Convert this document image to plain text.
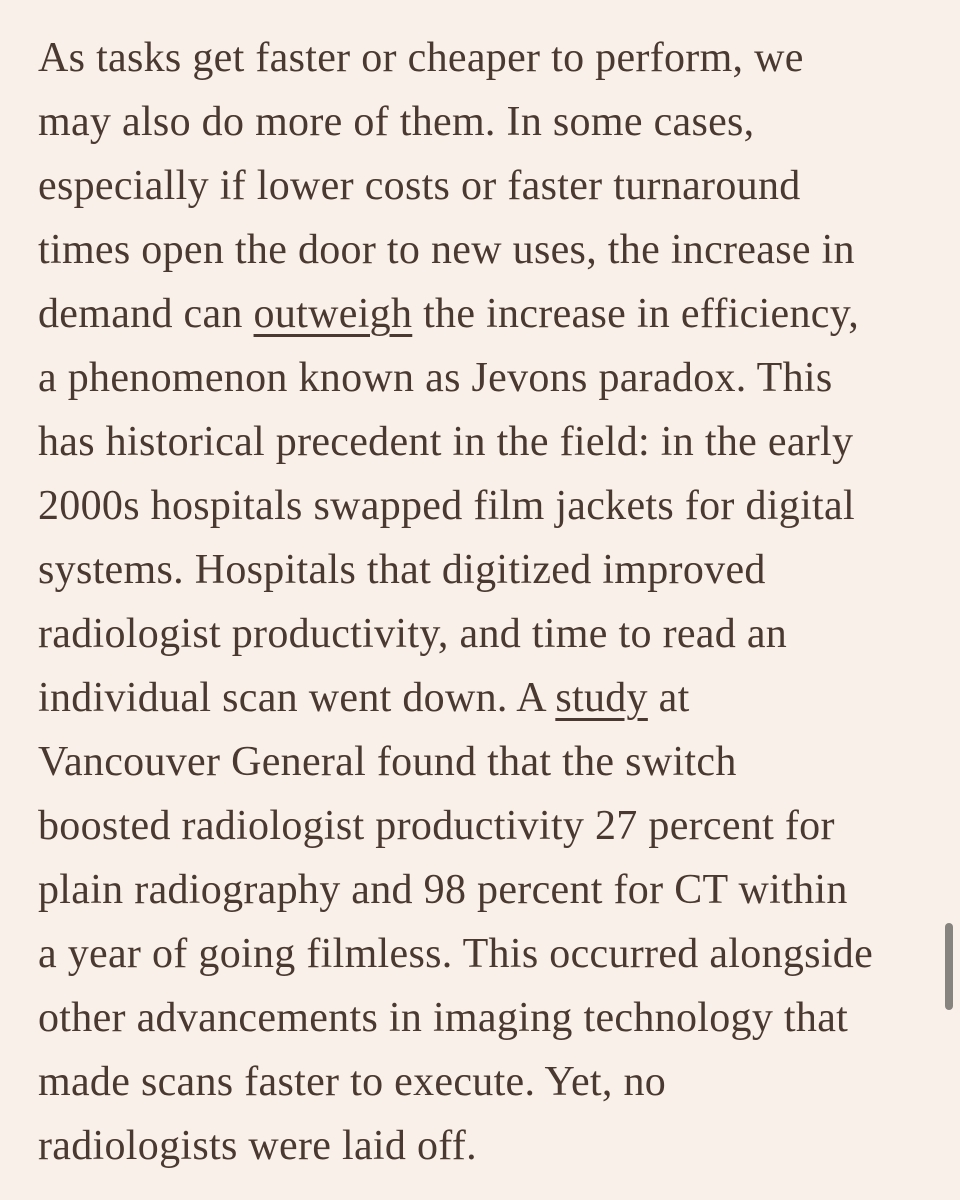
As tasks get faster or cheaper to perform, we
may also do more of them. In some cases,
especially if lower costs or faster turnaround
times open the door to new uses, the increase in
demand can outweigh the increase in efficiency,
a phenomenon known as Jevons paradox. This
has historical precedent in the field: in the early
2000s hospitals swapped film jackets for digital
systems. Hospitals that digitized improved
radiologist productivity, and time to read an
individual scan went down. A study at
Vancouver General found that the switch
boosted radiologist productivity 27 percent for
plain radiography and 98 percent for CT within
a year of going filmless. This occurred alongside
other advancements in imaging technology that
made scans faster to execute. Yet, no
radiologists were laid off.
